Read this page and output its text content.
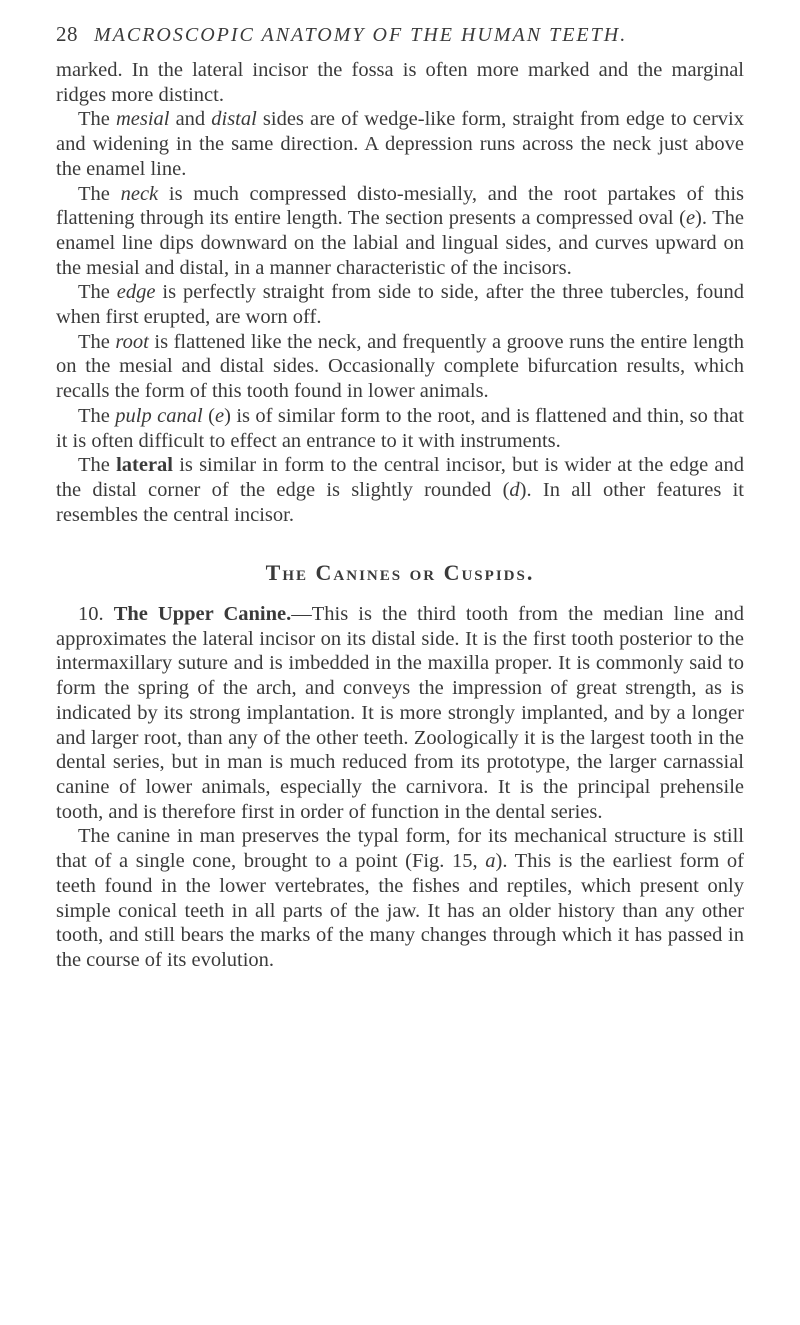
28 MACROSCOPIC ANATOMY OF THE HUMAN TEETH.

marked. In the lateral incisor the fossa is often more marked and the marginal ridges more distinct.

The mesial and distal sides are of wedge-like form, straight from edge to cervix and widening in the same direction. A depression runs across the neck just above the enamel line.

The neck is much compressed disto-mesially, and the root partakes of this flattening through its entire length. The section presents a compressed oval (e). The enamel line dips downward on the labial and lingual sides, and curves upward on the mesial and distal, in a manner characteristic of the incisors.

The edge is perfectly straight from side to side, after the three tubercles, found when first erupted, are worn off.

The root is flattened like the neck, and frequently a groove runs the entire length on the mesial and distal sides. Occasionally complete bifurcation results, which recalls the form of this tooth found in lower animals.

The pulp canal (e) is of similar form to the root, and is flattened and thin, so that it is often difficult to effect an entrance to it with instruments.

The lateral is similar in form to the central incisor, but is wider at the edge and the distal corner of the edge is slightly rounded (d). In all other features it resembles the central incisor.

The Canines or Cuspids.

10. The Upper Canine.—This is the third tooth from the median line and approximates the lateral incisor on its distal side. It is the first tooth posterior to the intermaxillary suture and is imbedded in the maxilla proper. It is commonly said to form the spring of the arch, and conveys the impression of great strength, as is indicated by its strong implantation. It is more strongly implanted, and by a longer and larger root, than any of the other teeth. Zoologically it is the largest tooth in the dental series, but in man is much reduced from its prototype, the larger carnassial canine of lower animals, especially the carnivora. It is the principal prehensile tooth, and is therefore first in order of function in the dental series.

The canine in man preserves the typal form, for its mechanical structure is still that of a single cone, brought to a point (Fig. 15, a). This is the earliest form of teeth found in the lower vertebrates, the fishes and reptiles, which present only simple conical teeth in all parts of the jaw. It has an older history than any other tooth, and still bears the marks of the many changes through which it has passed in the course of its evolution.
